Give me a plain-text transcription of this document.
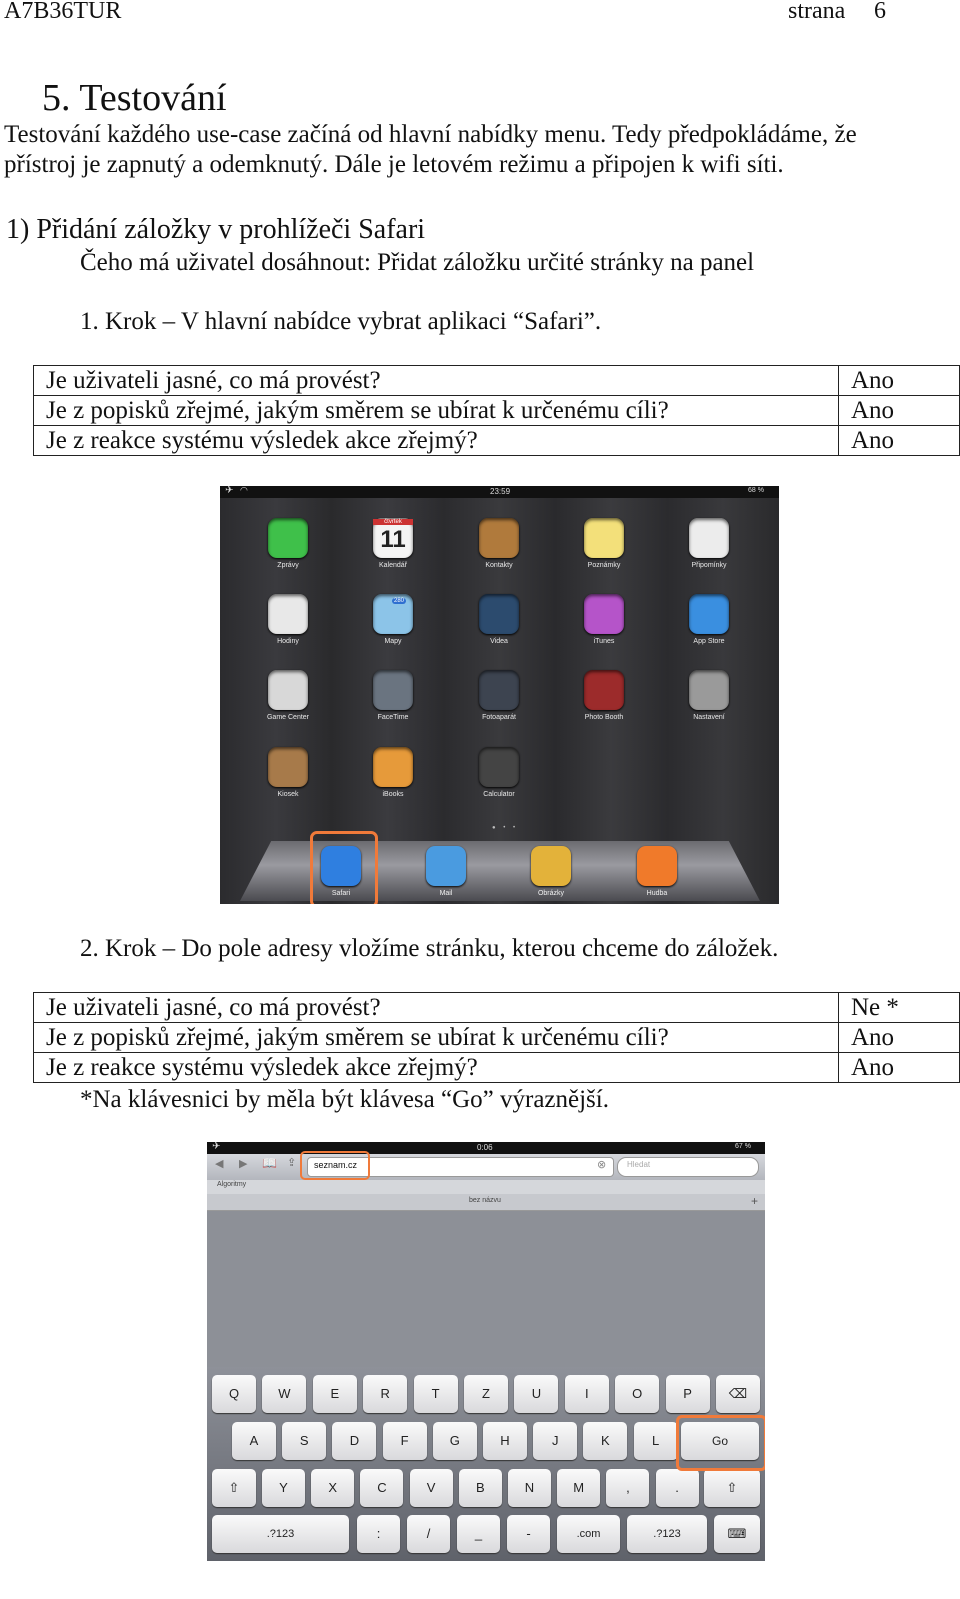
A7B36TUR	strana 6
5. Testování
Testování každého use-case začíná od hlavní nabídky menu. Tedy předpokládáme, že
přístroj je zapnutý a odemknutý. Dále je letovém režimu a připojen k wifi síti.
1) Přidání záložky v prohlížeči Safari
Čeho má uživatel dosáhnout: Přidat záložku určité stránky na panel
1. Krok – V hlavní nabídce vybrat aplikaci “Safari”.
Je uživateli jasné, co má provést?	Ano
Je z popisků zřejmé, jakým směrem se ubírat k určenému cíli?	Ano
Je z reakce systému výsledek akce zřejmý?	Ano
✈ ◠	23:59	68 %
Zprávy	Kalendář	Kontakty	Poznámky	Připomínky
Hodiny	Mapy	Videa	iTunes	App Store
Game Center	FaceTime	Fotoaparát	Photo Booth	Nastavení
Kiosek	iBooks	Calculator
čtvrtek
11
280
● • •
Safari	Mail	Obrázky	Hudba
2. Krok – Do pole adresy vložíme stránku, kterou chceme do záložek.
Je uživateli jasné, co má provést?	Ne *
Je z popisků zřejmé, jakým směrem se ubírat k určenému cíli?	Ano
Je z reakce systému výsledek akce zřejmý?	Ano
*Na klávesnici by měla být klávesa “Go” výraznější.
✈	0:06	67 %
◀ ▶ 📖 ⇪ seznam.cz	⊗	Hledat
Algoritmy
bez názvu	+
Q	W	E	R	T	Z	U	I	O	P	⌫
A	S	D	F	G	H	J	K	L	Go
⇧	Y	X	C	V	B	N	M	,	.	⇧
.?123	:	/	_	-	.com	.?123	⌨
